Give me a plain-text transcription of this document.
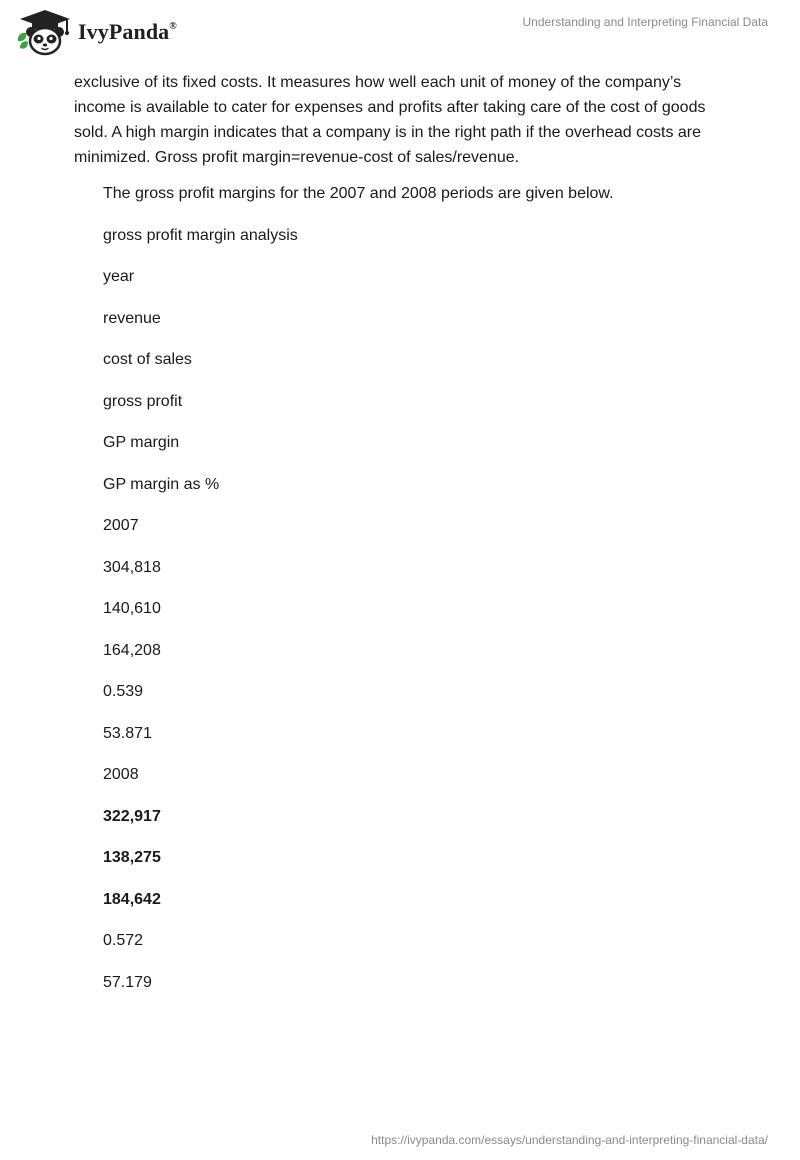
IvyPanda®	Understanding and Interpreting Financial Data

exclusive of its fixed costs. It measures how well each unit of money of the company’s income is available to cater for expenses and profits after taking care of the cost of goods sold. A high margin indicates that a company is in the right path if the overhead costs are minimized. Gross profit margin=revenue-cost of sales/revenue.

The gross profit margins for the 2007 and 2008 periods are given below.
gross profit margin analysis
year
revenue
cost of sales
gross profit
GP margin
GP margin as %
2007
304,818
140,610
164,208
0.539
53.871
2008
322,917
138,275
184,642
0.572
57.179
https://ivypanda.com/essays/understanding-and-interpreting-financial-data/
